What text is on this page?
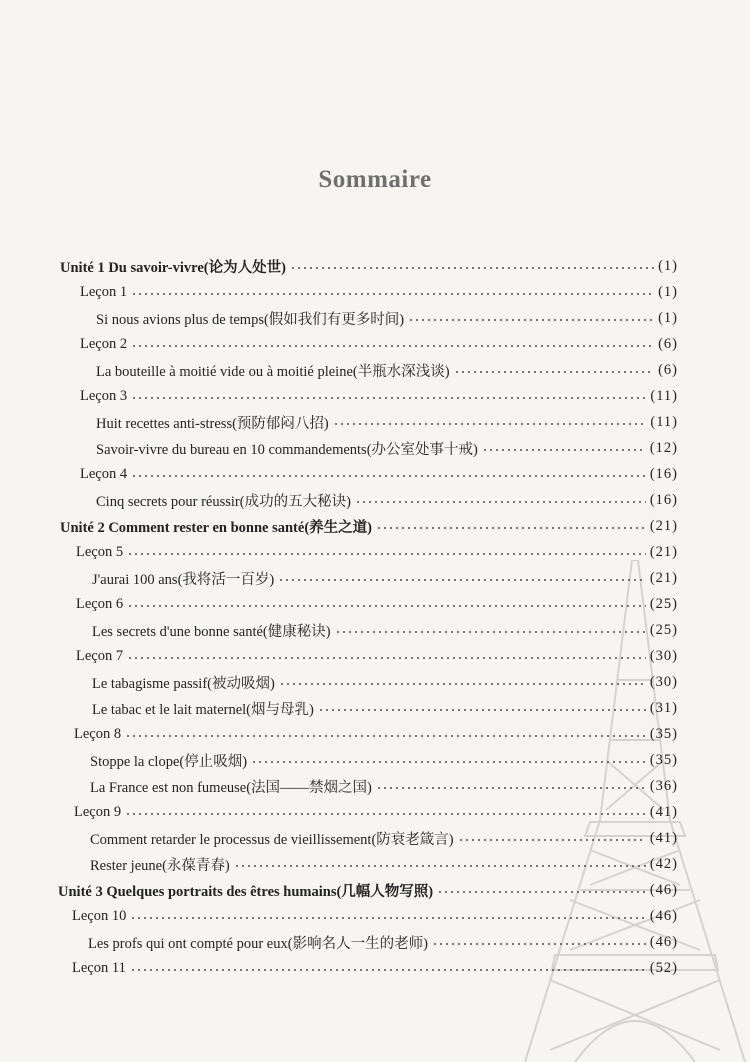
Sommaire
Unité 1 Du savoir-vivre(论为人处世)	(1)
Leçon 1	(1)
Si nous avions plus de temps(假如我们有更多时间)	(1)
Leçon 2	(6)
La bouteille à moitié vide ou à moitié pleine(半瓶水深浅谈)	(6)
Leçon 3	(11)
Huit recettes anti-stress(预防郁闷八招)	(11)
Savoir-vivre du bureau en 10 commandements(办公室处事十戒)	(12)
Leçon 4	(16)
Cinq secrets pour réussir(成功的五大秘诀)	(16)
Unité 2 Comment rester en bonne santé(养生之道)	(21)
Leçon 5	(21)
J'aurai 100 ans(我将活一百岁)	(21)
Leçon 6	(25)
Les secrets d'une bonne santé(健康秘诀)	(25)
Leçon 7	(30)
Le tabagisme passif(被动吸烟)	(30)
Le tabac et le lait maternel(烟与母乳)	(31)
Leçon 8	(35)
Stoppe la clope(停止吸烟)	(35)
La France est non fumeuse(法国——禁烟之国)	(36)
Leçon 9	(41)
Comment retarder le processus de vieillissement(防衰老箴言)	(41)
Rester jeune(永葆青春)	(42)
Unité 3 Quelques portraits des êtres humains(几幅人物写照)	(46)
Leçon 10	(46)
Les profs qui ont compté pour eux(影响名人一生的老师)	(46)
Leçon 11	(52)
